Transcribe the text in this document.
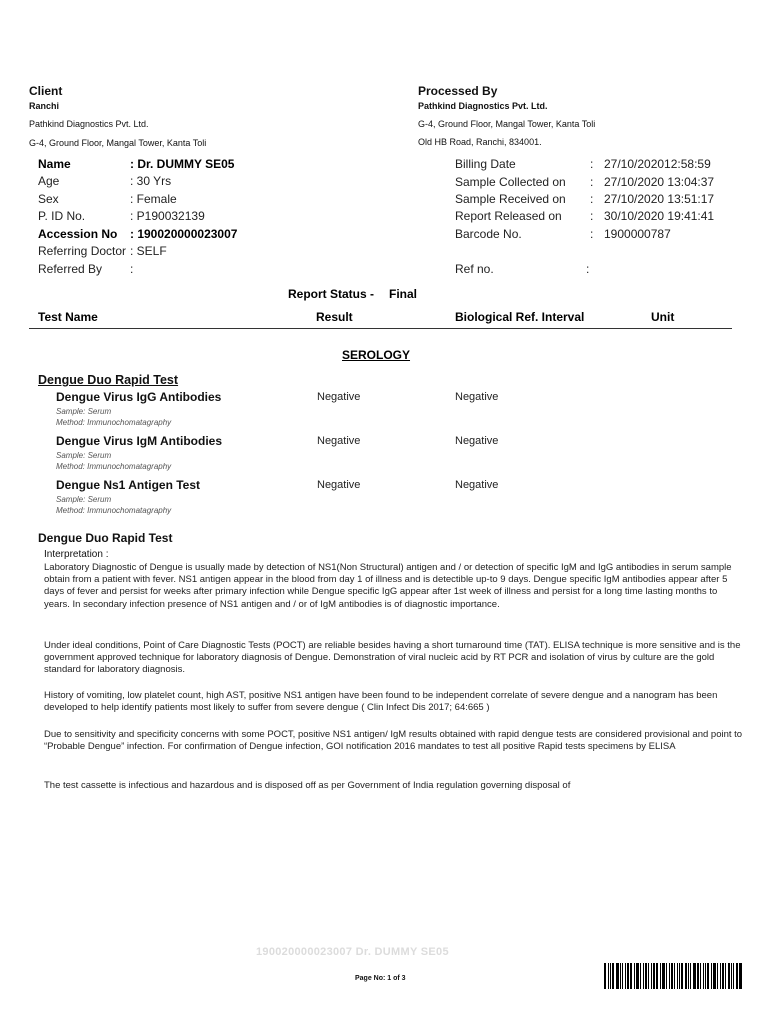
Client
Ranchi
Pathkind Diagnostics Pvt. Ltd.
G-4, Ground Floor, Mangal Tower, Kanta Toli
Processed By
Pathkind Diagnostics Pvt. Ltd.
G-4, Ground Floor, Mangal Tower, Kanta Toli
Old HB Road, Ranchi, 834001.
Name	: Dr. DUMMY SE05
Age	: 30 Yrs
Sex	: Female
P. ID No.	: P190032139
Accession No : 190020000023007
Referring Doctor : SELF
Referred By :
Billing Date	: 27/10/202012:58:59
Sample Collected on : 27/10/2020 13:04:37
Sample Received on : 27/10/2020 13:51:17
Report Released on : 30/10/2020 19:41:41
Barcode No.	: 1900000787
Ref no.	:
Report Status - Final
Test Name	Result	Biological Ref. Interval	Unit
SEROLOGY
Dengue Duo Rapid Test
Dengue Virus IgG Antibodies
Sample: Serum
Method: Immunochomatagraphy
Negative	Negative
Dengue Virus IgM Antibodies
Sample: Serum
Method: Immunochomatagraphy
Negative	Negative
Dengue Ns1 Antigen Test
Sample: Serum
Method: Immunochomatagraphy
Negative	Negative
Dengue Duo Rapid Test
Interpretation :
Laboratory Diagnostic of Dengue is usually made by detection of NS1(Non Structural) antigen and / or detection of specific IgM and IgG antibodies in serum sample obtain from a patient with fever. NS1 antigen appear in the blood from day 1 of illness and is detectible up-to 9 days. Dengue specific IgM antibodies appear after 5 days of fever and persist for weeks after primary infection while Dengue specific IgG appear after 1st week of illness and persist for a long time lasting months to years. In secondary infection presence of NS1 antigen and / or of IgM antibodies is of diagnostic importance.
Under ideal conditions, Point of Care Diagnostic Tests (POCT) are reliable besides having a short turnaround time (TAT). ELISA technique is more sensitive and is the government approved technique for laboratory diagnosis of Dengue. Demonstration of viral nucleic acid by RT PCR and isolation of virus by culture are the gold standard for laboratory diagnosis.
History of vomiting, low platelet count, high AST, positive NS1 antigen have been found to be independent correlate of severe dengue and a nanogram has been developed to help identify patients most likely to suffer from severe dengue ( Clin Infect Dis 2017; 64:665 )
Due to sensitivity and specificity concerns with some POCT, positive NS1 antigen/ IgM results obtained with rapid dengue tests are considered provisional and point to “Probable Dengue” infection. For confirmation of Dengue infection, GOI notification 2016 mandates to test all positive Rapid tests specimens by ELISA
The test cassette is infectious and hazardous and is disposed off as per Government of India regulation governing disposal of
190020000023007 Dr. DUMMY SE05
Page No: 1 of 3
